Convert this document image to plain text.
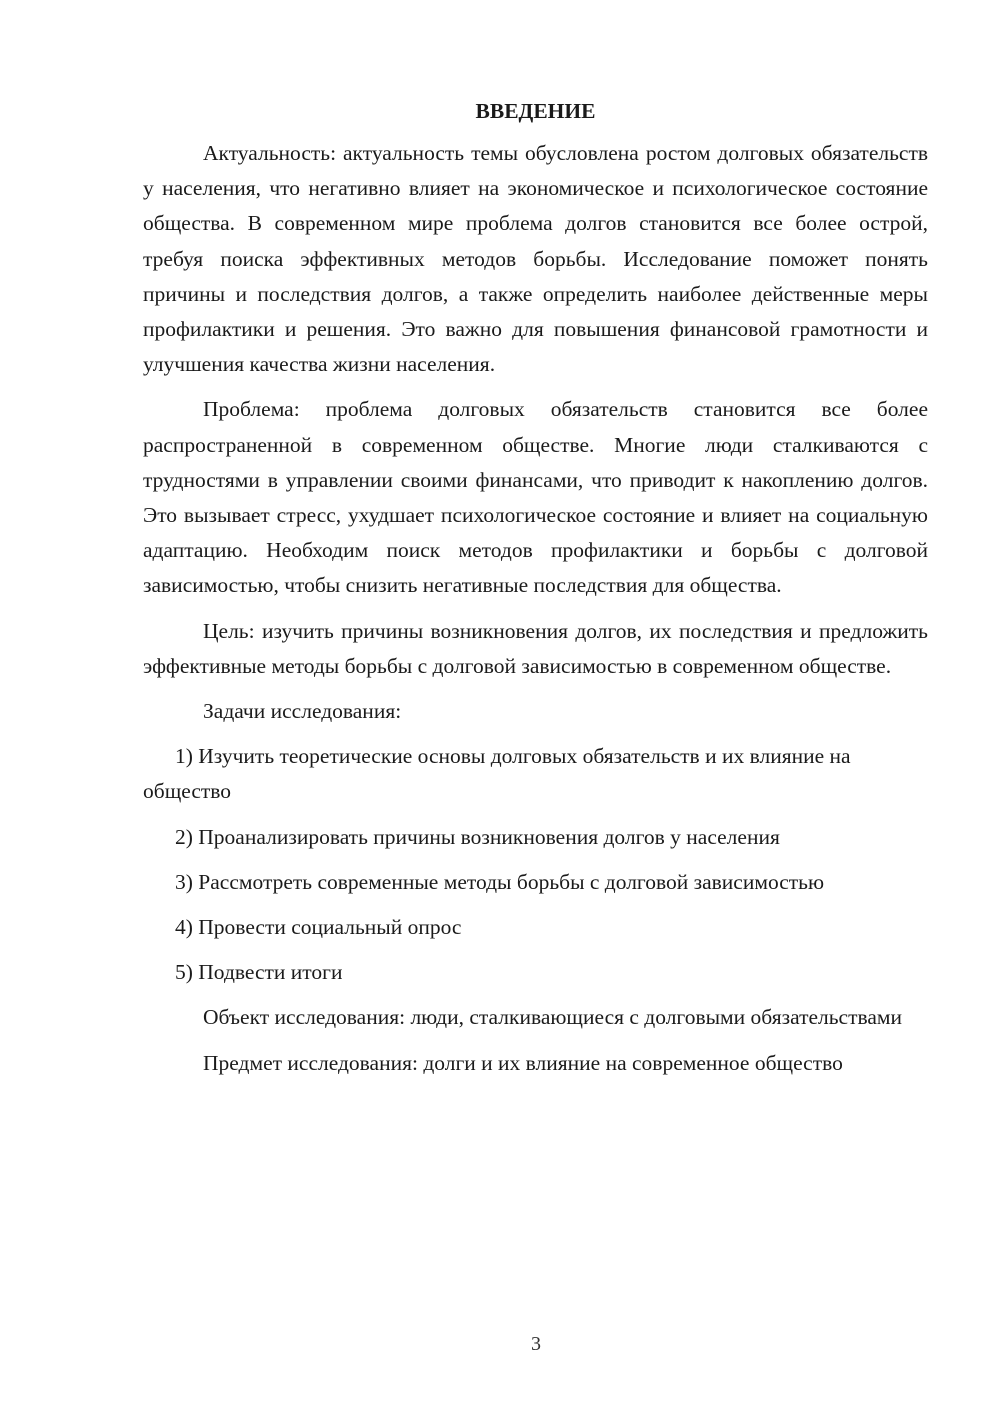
ВВЕДЕНИЕ

Актуальность: актуальность темы обусловлена ростом долговых обязательств у населения, что негативно влияет на экономическое и психологическое состояние общества. В современном мире проблема долгов становится все более острой, требуя поиска эффективных методов борьбы. Исследование поможет понять причины и последствия долгов, а также определить наиболее действенные меры профилактики и решения. Это важно для повышения финансовой грамотности и улучшения качества жизни населения.

Проблема: проблема долговых обязательств становится все более распространенной в современном обществе. Многие люди сталкиваются с трудностями в управлении своими финансами, что приводит к накоплению долгов. Это вызывает стресс, ухудшает психологическое состояние и влияет на социальную адаптацию. Необходим поиск методов профилактики и борьбы с долговой зависимостью, чтобы снизить негативные последствия для общества.

Цель: изучить причины возникновения долгов, их последствия и предложить эффективные методы борьбы с долговой зависимостью в современном обществе.

Задачи исследования:

1) Изучить теоретические основы долговых обязательств и их влияние на общество
2) Проанализировать причины возникновения долгов у населения
3) Рассмотреть современные методы борьбы с долговой зависимостью
4) Провести социальный опрос
5) Подвести итоги

Объект исследования: люди, сталкивающиеся с долговыми обязательствами

Предмет исследования: долги и их влияние на современное общество

3
